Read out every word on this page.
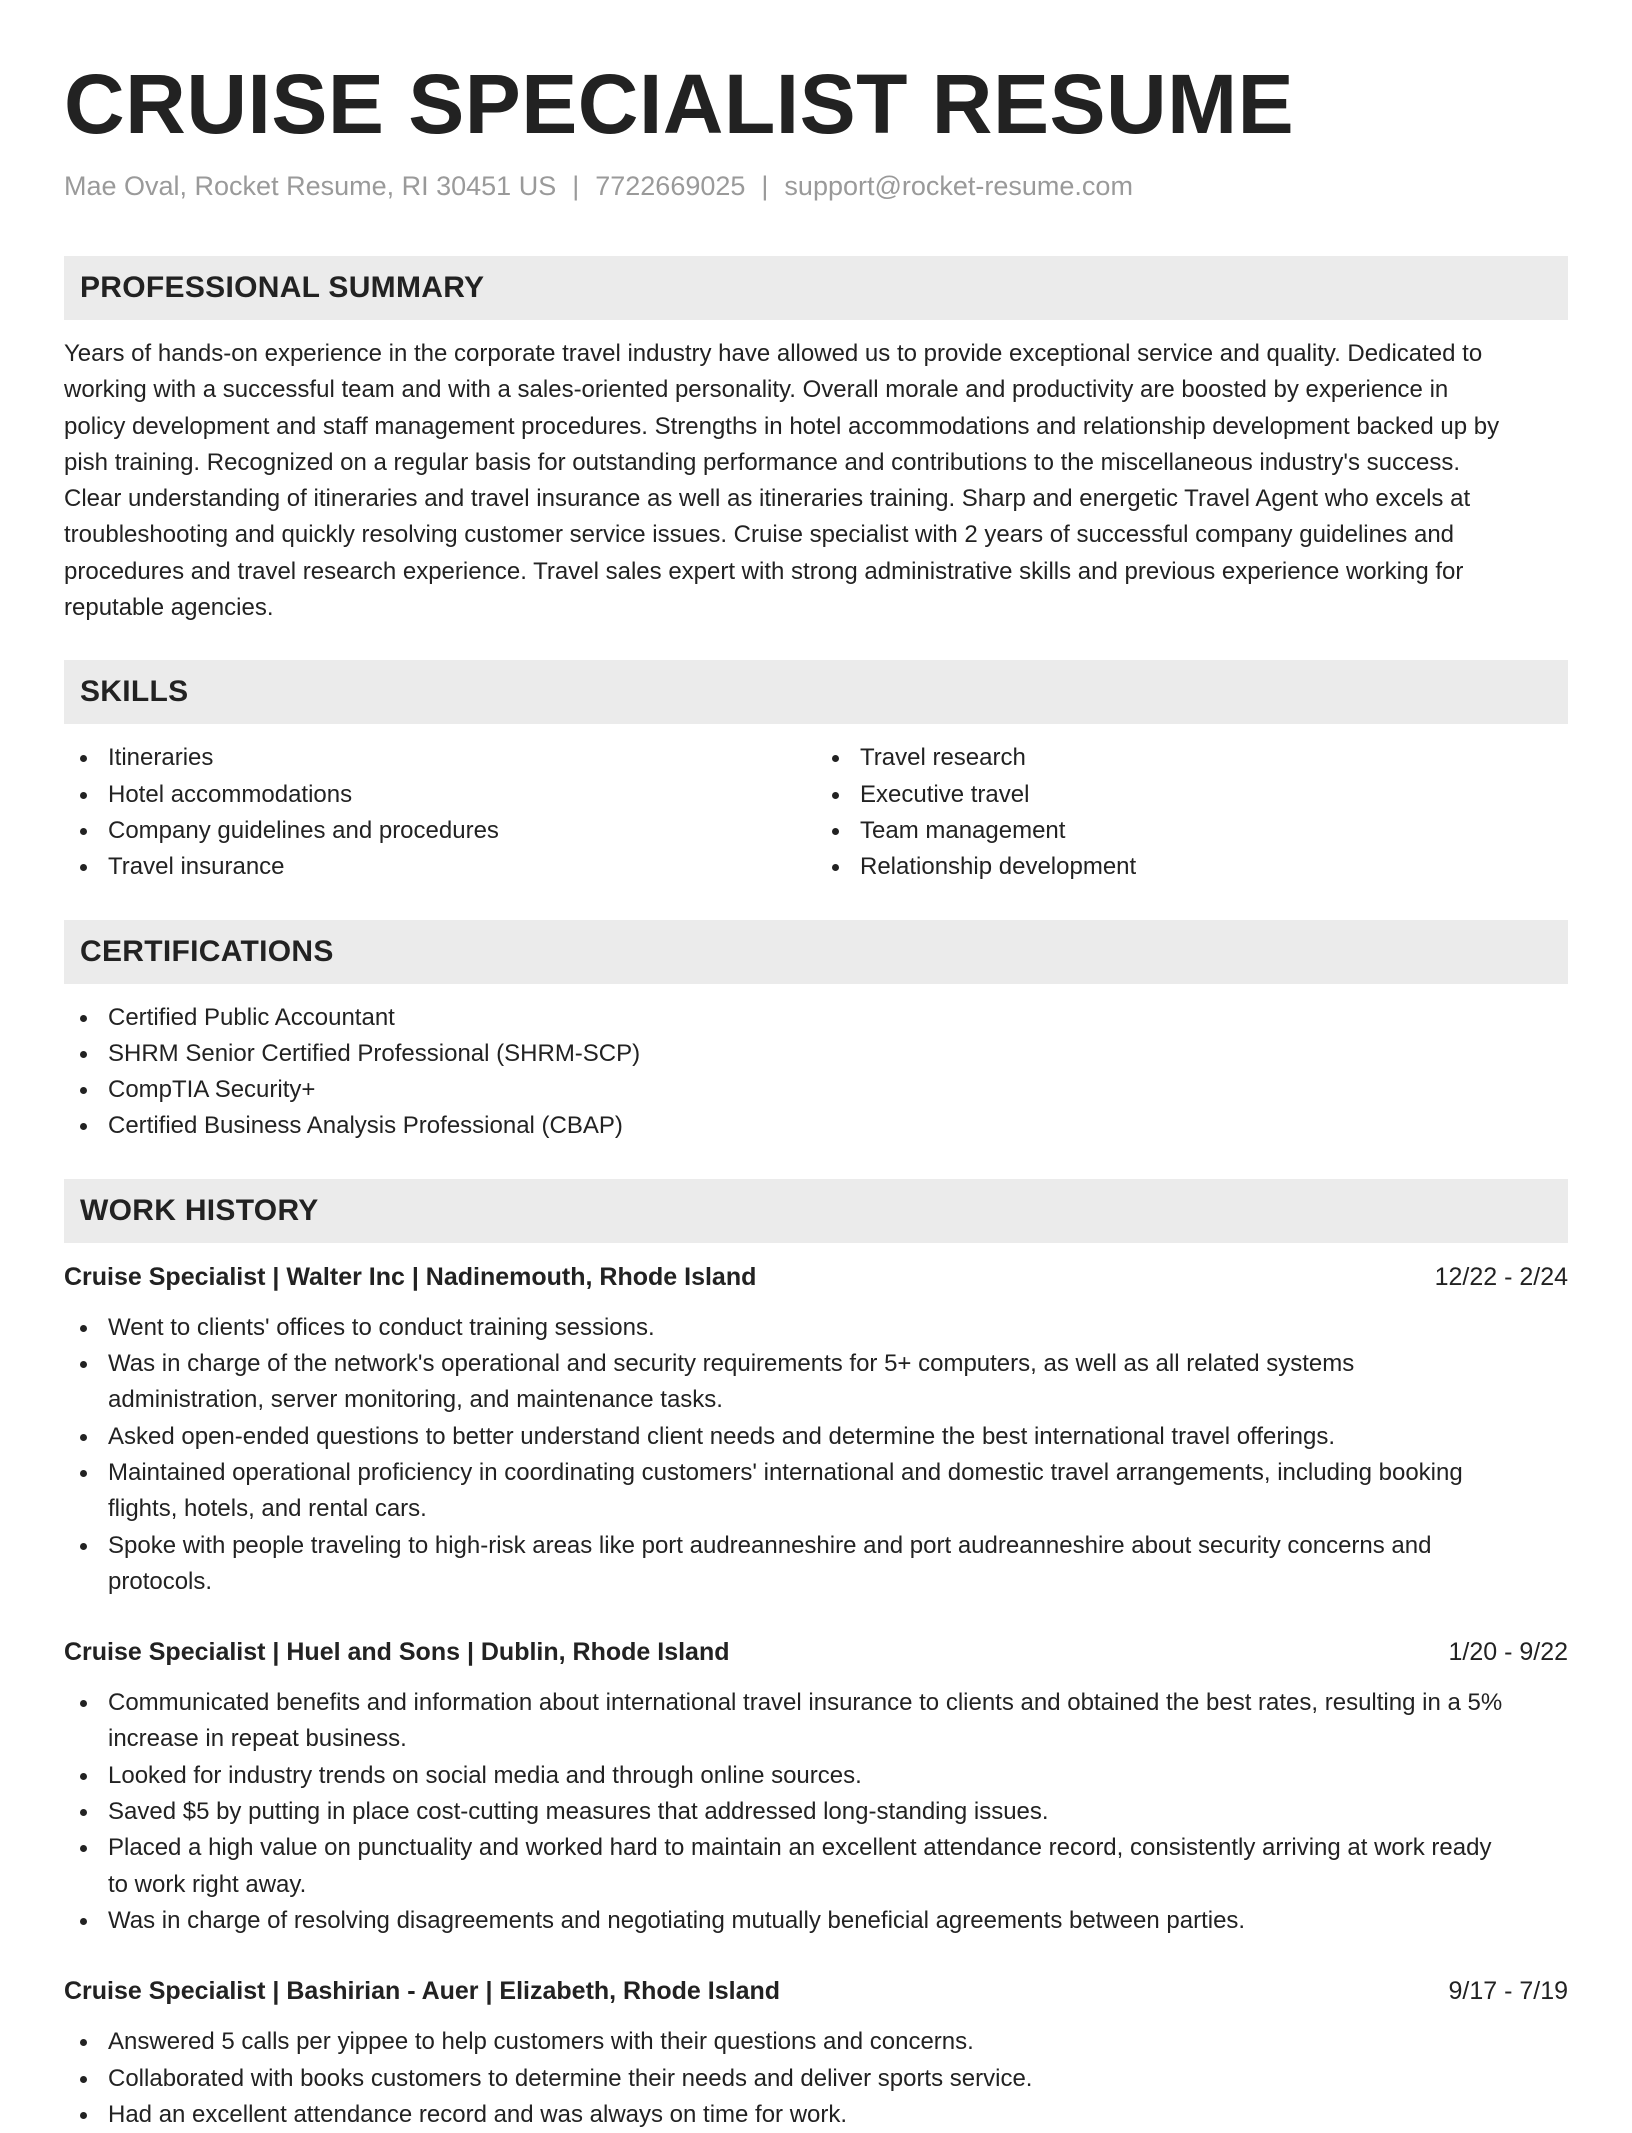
CRUISE SPECIALIST RESUME
Mae Oval, Rocket Resume, RI 30451 US | 7722669025 | support@rocket-resume.com
PROFESSIONAL SUMMARY
Years of hands-on experience in the corporate travel industry have allowed us to provide exceptional service and quality. Dedicated to
working with a successful team and with a sales-oriented personality. Overall morale and productivity are boosted by experience in
policy development and staff management procedures. Strengths in hotel accommodations and relationship development backed up by
pish training. Recognized on a regular basis for outstanding performance and contributions to the miscellaneous industry's success.
Clear understanding of itineraries and travel insurance as well as itineraries training. Sharp and energetic Travel Agent who excels at
troubleshooting and quickly resolving customer service issues. Cruise specialist with 2 years of successful company guidelines and
procedures and travel research experience. Travel sales expert with strong administrative skills and previous experience working for
reputable agencies.
SKILLS
Itineraries
Hotel accommodations
Company guidelines and procedures
Travel insurance
Travel research
Executive travel
Team management
Relationship development
CERTIFICATIONS
Certified Public Accountant
SHRM Senior Certified Professional (SHRM-SCP)
CompTIA Security+
Certified Business Analysis Professional (CBAP)
WORK HISTORY
Cruise Specialist | Walter Inc | Nadinemouth, Rhode Island	12/22 - 2/24
Went to clients' offices to conduct training sessions.
Was in charge of the network's operational and security requirements for 5+ computers, as well as all related systems
administration, server monitoring, and maintenance tasks.
Asked open-ended questions to better understand client needs and determine the best international travel offerings.
Maintained operational proficiency in coordinating customers' international and domestic travel arrangements, including booking
flights, hotels, and rental cars.
Spoke with people traveling to high-risk areas like port audreanneshire and port audreanneshire about security concerns and
protocols.
Cruise Specialist | Huel and Sons | Dublin, Rhode Island	1/20 - 9/22
Communicated benefits and information about international travel insurance to clients and obtained the best rates, resulting in a 5%
increase in repeat business.
Looked for industry trends on social media and through online sources.
Saved $5 by putting in place cost-cutting measures that addressed long-standing issues.
Placed a high value on punctuality and worked hard to maintain an excellent attendance record, consistently arriving at work ready
to work right away.
Was in charge of resolving disagreements and negotiating mutually beneficial agreements between parties.
Cruise Specialist | Bashirian - Auer | Elizabeth, Rhode Island	9/17 - 7/19
Answered 5 calls per yippee to help customers with their questions and concerns.
Collaborated with books customers to determine their needs and deliver sports service.
Had an excellent attendance record and was always on time for work.
